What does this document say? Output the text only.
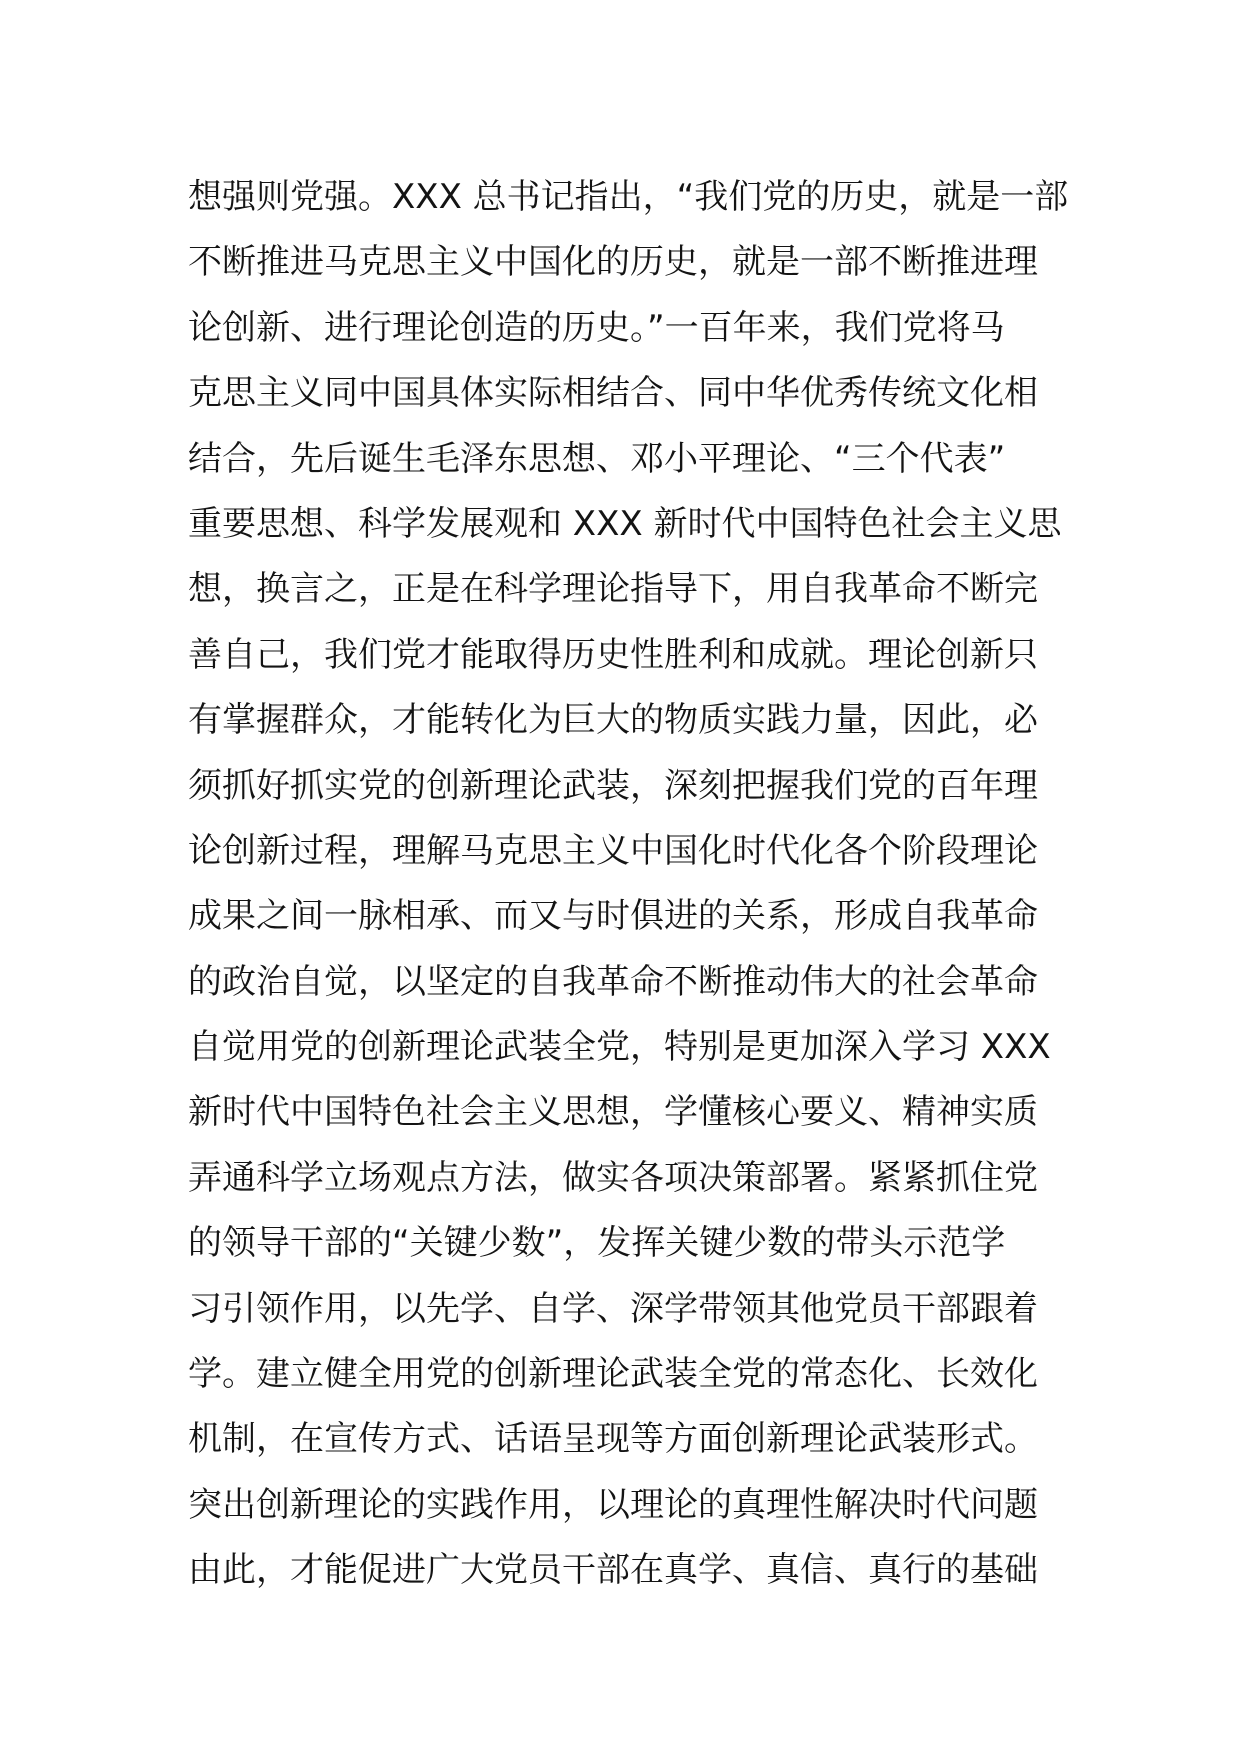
想强则党强。XXX 总书记指出，“我们党的历史，就是一部
不断推进马克思主义中国化的历史，就是一部不断推进理
论创新、进行理论创造的历史。”一百年来，我们党将马
克思主义同中国具体实际相结合、同中华优秀传统文化相
结合，先后诞生毛泽东思想、邓小平理论、“三个代表”
重要思想、科学发展观和 XXX 新时代中国特色社会主义思
想，换言之，正是在科学理论指导下，用自我革命不断完
善自己，我们党才能取得历史性胜利和成就。理论创新只
有掌握群众，才能转化为巨大的物质实践力量，因此，必
须抓好抓实党的创新理论武装，深刻把握我们党的百年理
论创新过程，理解马克思主义中国化时代化各个阶段理论
成果之间一脉相承、而又与时俱进的关系，形成自我革命
的政治自觉，以坚定的自我革命不断推动伟大的社会革命
自觉用党的创新理论武装全党，特别是更加深入学习 XXX
新时代中国特色社会主义思想，学懂核心要义、精神实质
弄通科学立场观点方法，做实各项决策部署。紧紧抓住党
的领导干部的“关键少数”，发挥关键少数的带头示范学
习引领作用，以先学、自学、深学带领其他党员干部跟着
学。建立健全用党的创新理论武装全党的常态化、长效化
机制，在宣传方式、话语呈现等方面创新理论武装形式。
突出创新理论的实践作用，以理论的真理性解决时代问题
由此，才能促进广大党员干部在真学、真信、真行的基础
